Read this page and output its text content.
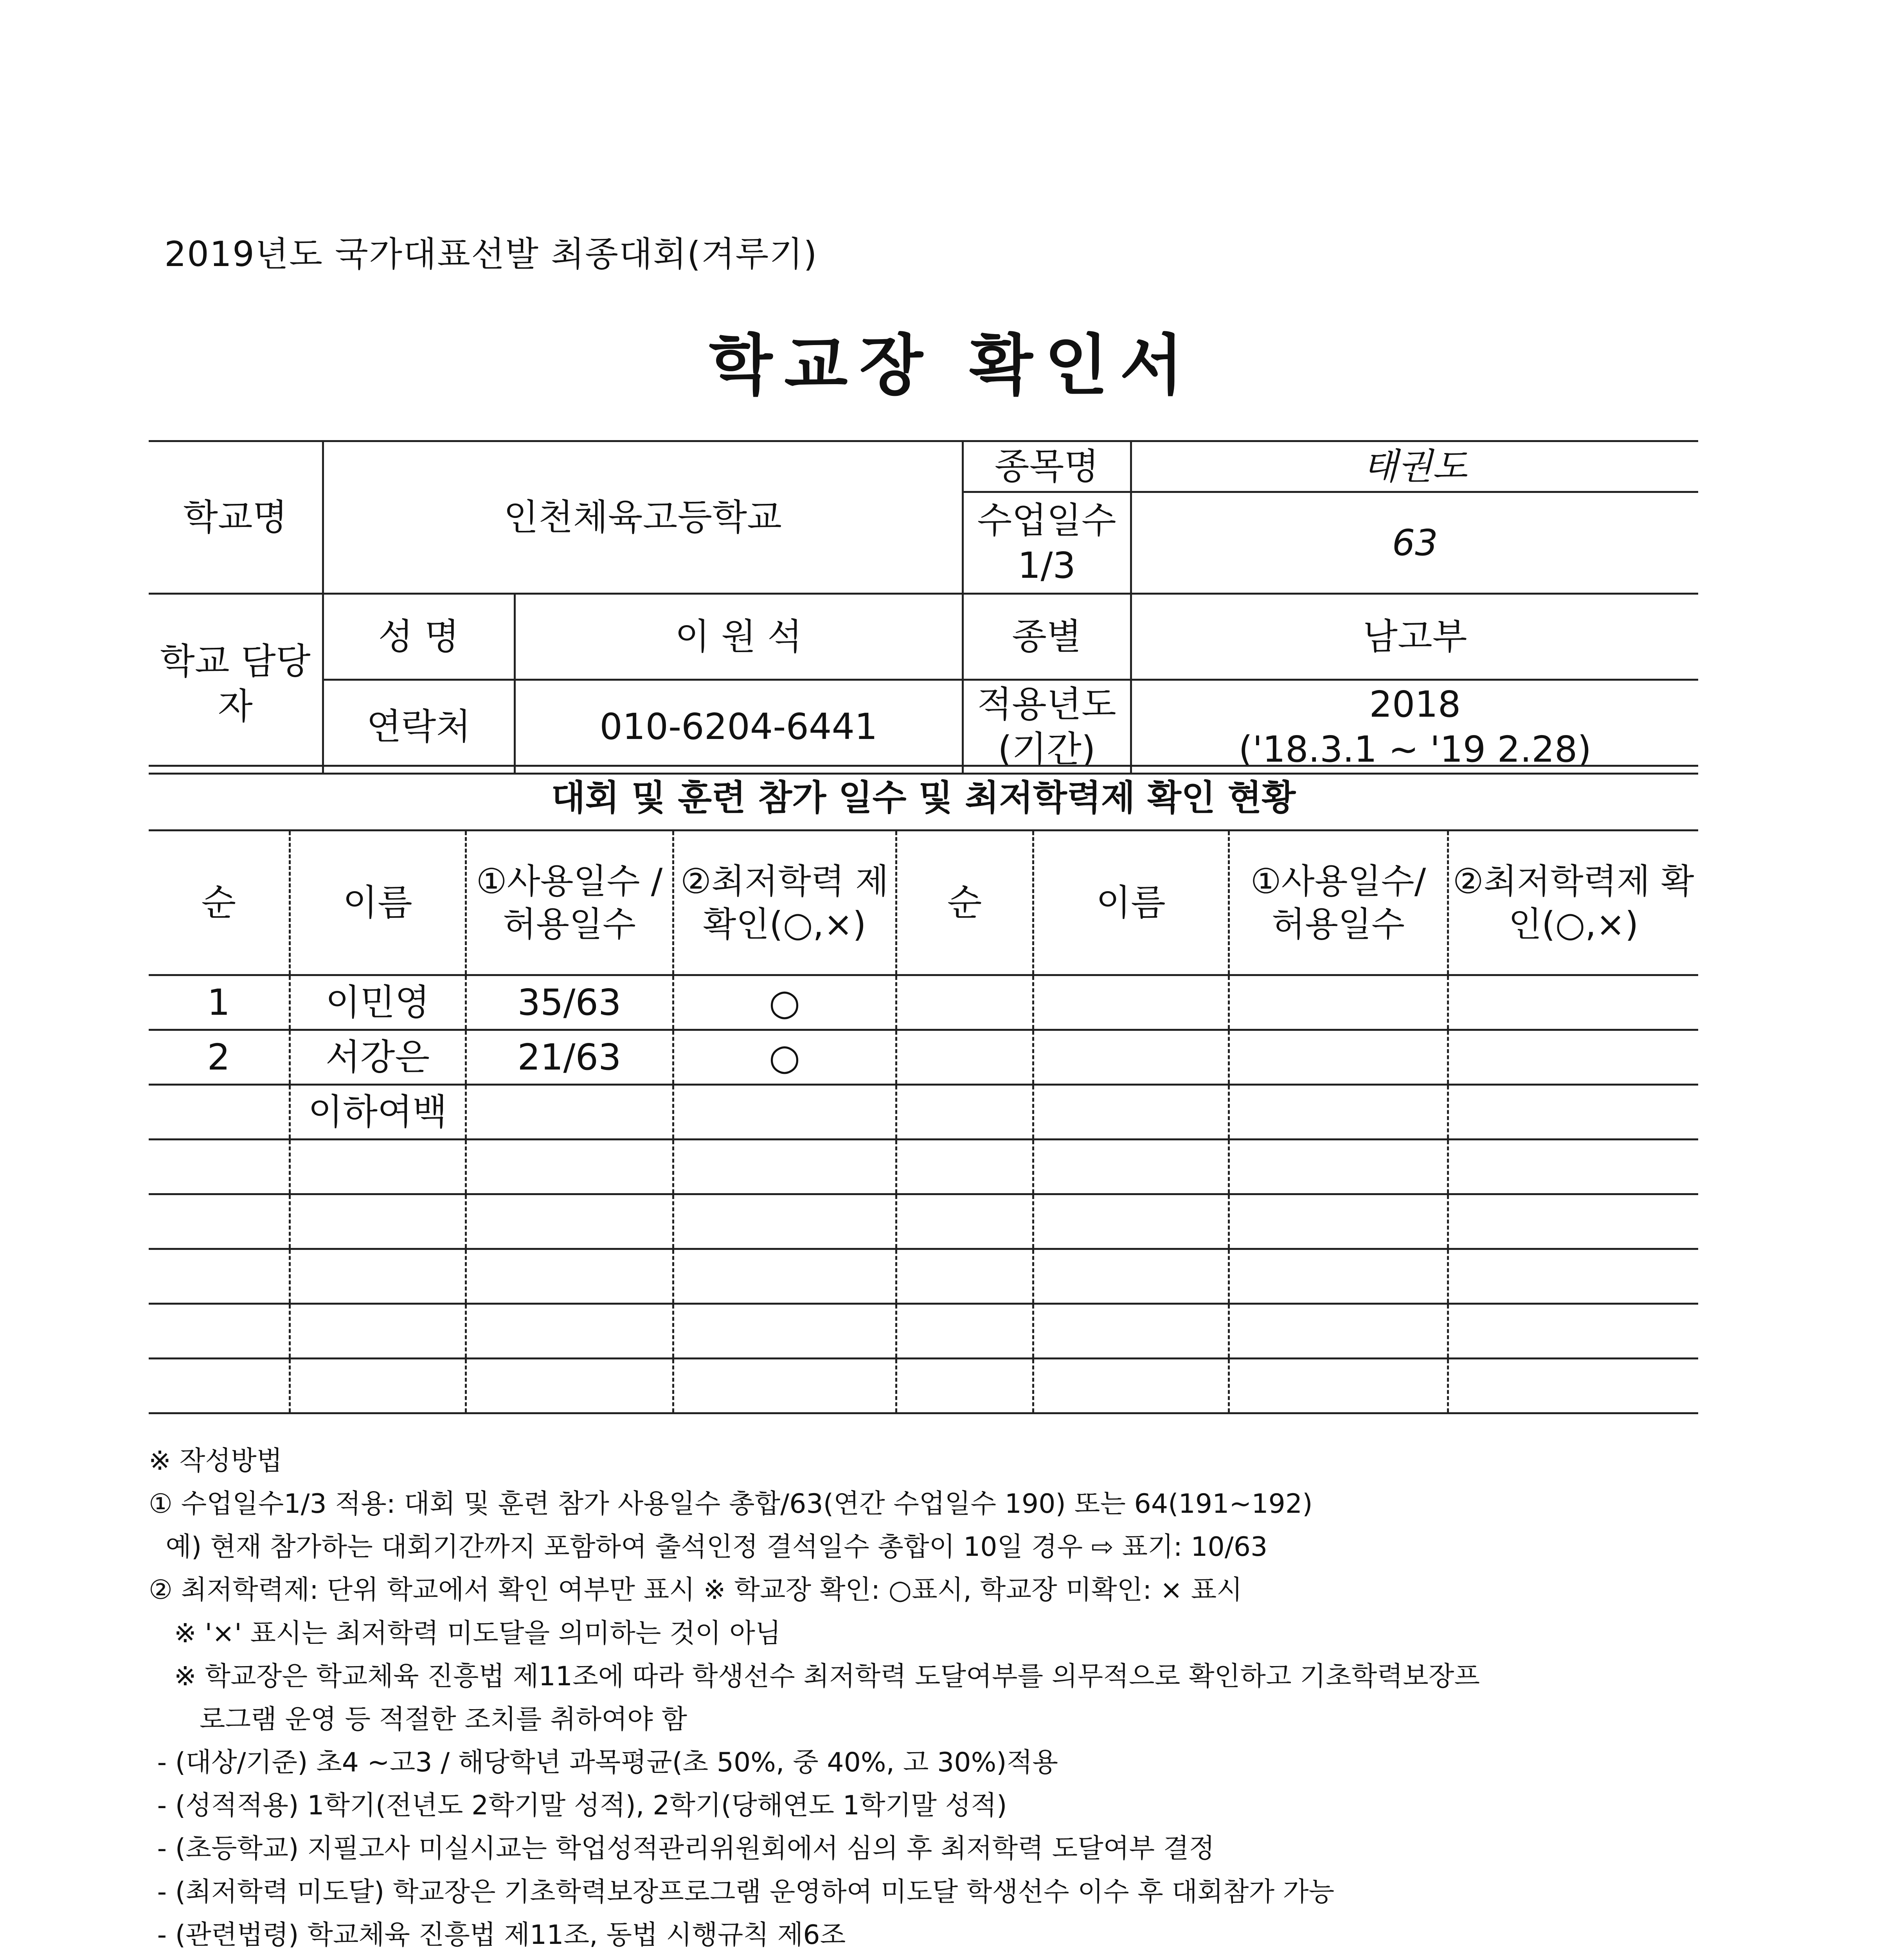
2019년도 국가대표선발 최종대회(겨루기)
학교장 확인서
학교명	인천체육고등학교		종목명	태권도
			수업일수 1/3	63
학교 담당자	성 명	이 원 석	종별	남고부
	연락처	010-6204-6441	적용년도 (기간)	2018
('18.3.1 ~ '19 2.28)
대회 및 훈련 참가 일수 및 최저학력제 확인 현황
순	이름	①사용일수 /허용일수	②최저학력 제 확인(○,×)	순	이름	①사용일수/ 허용일수	②최저학력제 확인(○,×)
1	이민영	35/63	○				
2	서강은	21/63	○				
	이하여백						

※ 작성방법
① 수업일수1/3 적용: 대회 및 훈련 참가 사용일수 총합/63(연간 수업일수 190) 또는 64(191~192)
예) 현재 참가하는 대회기간까지 포함하여 출석인정 결석일수 총합이 10일 경우 ⇨ 표기: 10/63
② 최저학력제: 단위 학교에서 확인 여부만 표시 ※ 학교장 확인: ○표시, 학교장 미확인: × 표시
※ '×' 표시는 최저학력 미도달을 의미하는 것이 아님
※ 학교장은 학교체육 진흥법 제11조에 따라 학생선수 최저학력 도달여부를 의무적으로 확인하고 기초학력보장프
로그램 운영 등 적절한 조치를 취하여야 함
- (대상/기준) 초4 ~고3 / 해당학년 과목평균(초 50%, 중 40%, 고 30%)적용
- (성적적용) 1학기(전년도 2학기말 성적), 2학기(당해연도 1학기말 성적)
- (초등학교) 지필고사 미실시교는 학업성적관리위원회에서 심의 후 최저학력 도달여부 결정
- (최저학력 미도달) 학교장은 기초학력보장프로그램 운영하여 미도달 학생선수 이수 후 대회참가 가능
- (관련법령) 학교체육 진흥법 제11조, 동법 시행규칙 제6조
